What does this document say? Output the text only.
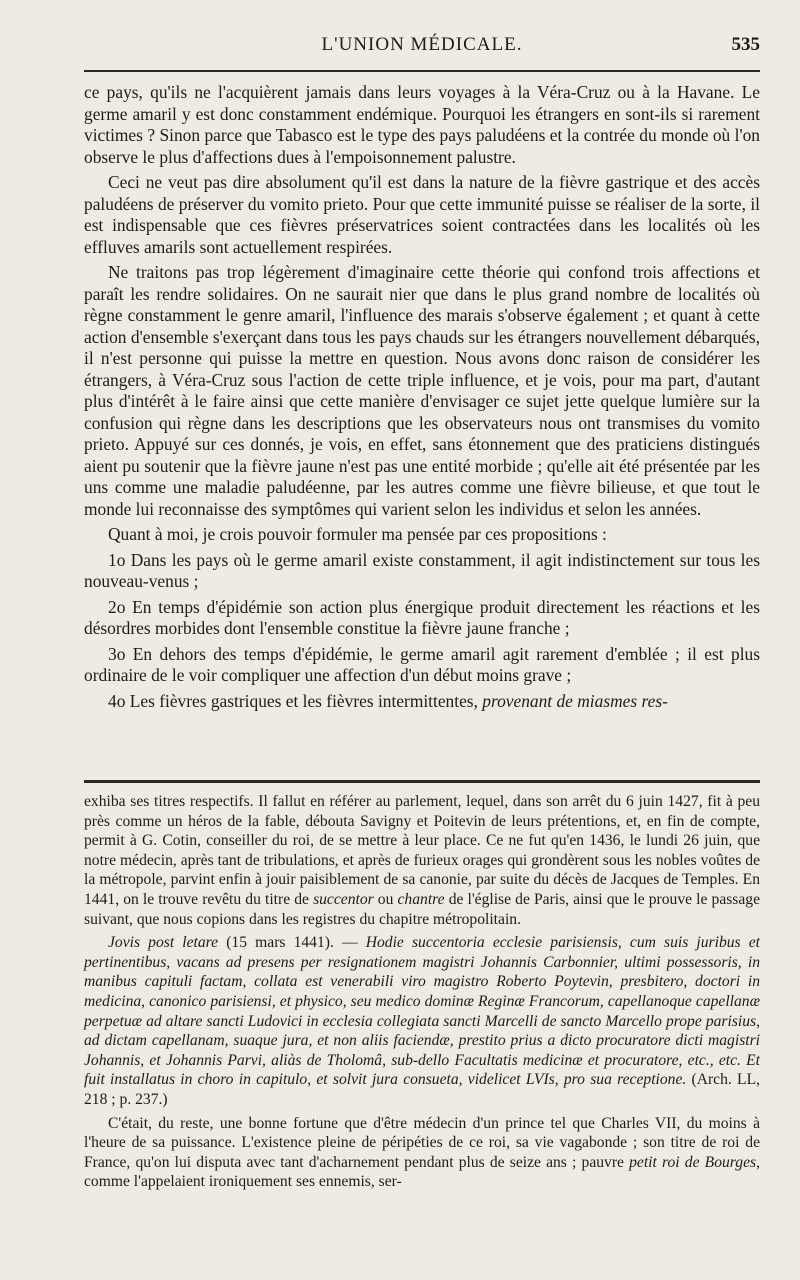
L'UNION MÉDICALE.	535

ce pays, qu'ils ne l'acquièrent jamais dans leurs voyages à la Véra-Cruz ou à la Havane. Le germe amaril y est donc constamment endémique. Pourquoi les étrangers en sont-ils si rarement victimes ? Sinon parce que Tabasco est le type des pays paludéens et la contrée du monde où l'on observe le plus d'affections dues à l'empoisonnement palustre.

Ceci ne veut pas dire absolument qu'il est dans la nature de la fièvre gastrique et des accès paludéens de préserver du vomito prieto. Pour que cette immunité puisse se réaliser de la sorte, il est indispensable que ces fièvres préservatrices soient contractées dans les localités où les effluves amarils sont actuellement respirées.

Ne traitons pas trop légèrement d'imaginaire cette théorie qui confond trois affections et paraît les rendre solidaires. On ne saurait nier que dans le plus grand nombre de localités où règne constamment le genre amaril, l'influence des marais s'observe également ; et quant à cette action d'ensemble s'exerçant dans tous les pays chauds sur les étrangers nouvellement débarqués, il n'est personne qui puisse la mettre en question. Nous avons donc raison de considérer les étrangers, à Véra-Cruz sous l'action de cette triple influence, et je vois, pour ma part, d'autant plus d'intérêt à le faire ainsi que cette manière d'envisager ce sujet jette quelque lumière sur la confusion qui règne dans les descriptions que les observateurs nous ont transmises du vomito prieto. Appuyé sur ces donnés, je vois, en effet, sans étonnement que des praticiens distingués aient pu soutenir que la fièvre jaune n'est pas une entité morbide ; qu'elle ait été présentée par les uns comme une maladie paludéenne, par les autres comme une fièvre bilieuse, et que tout le monde lui reconnaisse des symptômes qui varient selon les individus et selon les années.

Quant à moi, je crois pouvoir formuler ma pensée par ces propositions :

1o Dans les pays où le germe amaril existe constamment, il agit indistinctement sur tous les nouveau-venus ;

2o En temps d'épidémie son action plus énergique produit directement les réactions et les désordres morbides dont l'ensemble constitue la fièvre jaune franche ;

3o En dehors des temps d'épidémie, le germe amaril agit rarement d'emblée ; il est plus ordinaire de le voir compliquer une affection d'un début moins grave ;

4o Les fièvres gastriques et les fièvres intermittentes, provenant de miasmes res-

exhiba ses titres respectifs. Il fallut en référer au parlement, lequel, dans son arrêt du 6 juin 1427, fit à peu près comme un héros de la fable, débouta Savigny et Poitevin de leurs prétentions, et, en fin de compte, permit à G. Cotin, conseiller du roi, de se mettre à leur place. Ce ne fut qu'en 1436, le lundi 26 juin, que notre médecin, après tant de tribulations, et après de furieux orages qui grondèrent sous les nobles voûtes de la métropole, parvint enfin à jouir paisiblement de sa canonie, par suite du décès de Jacques de Temples. En 1441, on le trouve revêtu du titre de succentor ou chantre de l'église de Paris, ainsi que le prouve le passage suivant, que nous copions dans les registres du chapitre métropolitain.

Jovis post letare (15 mars 1441). — Hodie succentoria ecclesie parisiensis, cum suis juribus et pertinentibus, vacans ad presens per resignationem magistri Johannis Carbonnier, ultimi possessoris, in manibus capituli factam, collata est venerabili viro magistro Roberto Poytevin, presbitero, doctori in medicina, canonico parisiensi, et physico, seu medico dominæ Reginæ Francorum, capellanoque capellanæ perpetuæ ad altare sancti Ludovici in ecclesia collegiata sancti Marcelli de sancto Marcello prope parisius, ad dictam capellanam, suaque jura, et non aliis faciendæ, prestito prius a dicto procuratore dicti magistri Johannis, et Johannis Parvi, aliàs de Tholomâ, sub-dello Facultatis medicinæ et procuratore, etc., etc. Et fuit installatus in choro in capitulo, et solvit jura consueta, videlicet LVIs, pro sua receptione. (Arch. LL, 218 ; p. 237.)

C'était, du reste, une bonne fortune que d'être médecin d'un prince tel que Charles VII, du moins à l'heure de sa puissance. L'existence pleine de péripéties de ce roi, sa vie vagabonde ; son titre de roi de France, qu'on lui disputa avec tant d'acharnement pendant plus de seize ans ; pauvre petit roi de Bourges, comme l'appelaient ironiquement ses ennemis, ser-
